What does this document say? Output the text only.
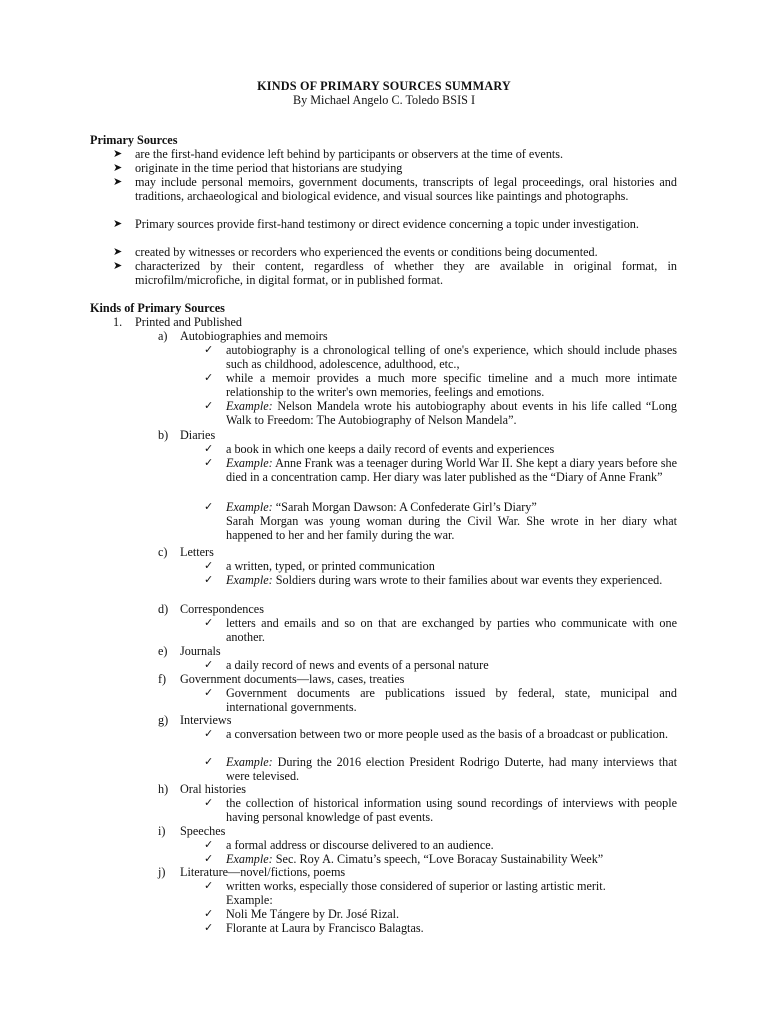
KINDS OF PRIMARY SOURCES SUMMARY
By Michael Angelo C. Toledo BSIS I
Primary Sources
➤ are the first-hand evidence left behind by participants or observers at the time of events.
➤ originate in the time period that historians are studying
➤ may include personal memoirs, government documents, transcripts of legal proceedings, oral histories and traditions, archaeological and biological evidence, and visual sources like paintings and photographs.
➤ Primary sources provide first-hand testimony or direct evidence concerning a topic under investigation.
➤ created by witnesses or recorders who experienced the events or conditions being documented.
➤ characterized by their content, regardless of whether they are available in original format, in microfilm/microfiche, in digital format, or in published format.
Kinds of Primary Sources
1. Printed and Published
a) Autobiographies and memoirs
✓ autobiography is a chronological telling of one's experience, which should include phases such as childhood, adolescence, adulthood, etc.,
✓ while a memoir provides a much more specific timeline and a much more intimate relationship to the writer's own memories, feelings and emotions.
✓ Example: Nelson Mandela wrote his autobiography about events in his life called “Long Walk to Freedom: The Autobiography of Nelson Mandela”.
b) Diaries
✓ a book in which one keeps a daily record of events and experiences
✓ Example: Anne Frank was a teenager during World War II. She kept a diary years before she died in a concentration camp. Her diary was later published as the “Diary of Anne Frank”
✓ Example: “Sarah Morgan Dawson: A Confederate Girl’s Diary”
Sarah Morgan was young woman during the Civil War. She wrote in her diary what happened to her and her family during the war.
c) Letters
✓ a written, typed, or printed communication
✓ Example: Soldiers during wars wrote to their families about war events they experienced.
d) Correspondences
✓ letters and emails and so on that are exchanged by parties who communicate with one another.
e) Journals
✓ a daily record of news and events of a personal nature
f) Government documents—laws, cases, treaties
✓ Government documents are publications issued by federal, state, municipal and international governments.
g) Interviews
✓ a conversation between two or more people used as the basis of a broadcast or publication.
✓ Example: During the 2016 election President Rodrigo Duterte, had many interviews that were televised.
h) Oral histories
✓ the collection of historical information using sound recordings of interviews with people having personal knowledge of past events.
i) Speeches
✓ a formal address or discourse delivered to an audience.
✓ Example: Sec. Roy A. Cimatu’s speech, “Love Boracay Sustainability Week”
j) Literature—novel/fictions, poems
✓ written works, especially those considered of superior or lasting artistic merit.
Example:
✓ Noli Me Tángere by Dr. José Rizal.
✓ Florante at Laura by Francisco Balagtas.
